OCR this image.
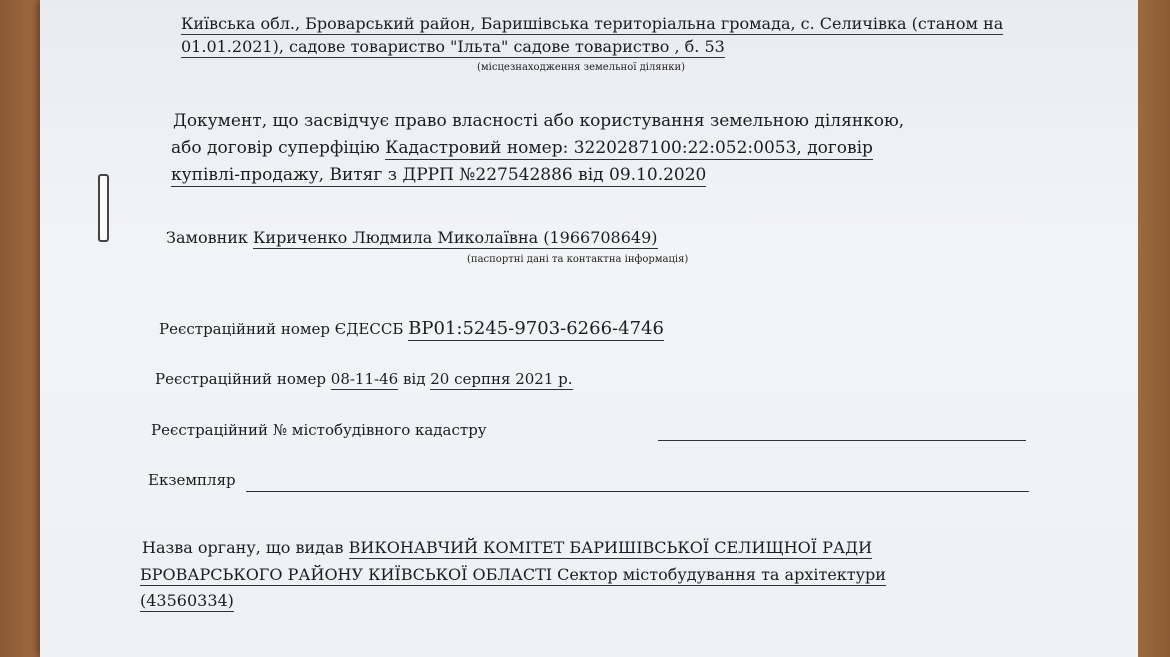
Київська обл., Броварський район, Баришівська територіальна громада, с. Селичівка (станом на
01.01.2021), садове товариство "Ільта" садове товариство , б. 53
(місцезнаходження земельної ділянки)
Документ, що засвідчує право власності або користування земельною ділянкою,
або договір суперфіцію Кадастровий номер: 3220287100:22:052:0053, договір
купівлі-продажу, Витяг з ДРРП №227542886 від 09.10.2020
Замовник Кириченко Людмила Миколаївна (1966708649)
(паспортні дані та контактна інформація)
Реєстраційний номер ЄДЕССБ BP01:5245-9703-6266-4746
Реєстраційний номер 08-11-46 від 20 серпня 2021 р.
Реєстраційний № містобудівного кадастру
Екземпляр
Назва органу, що видав ВИКОНАВЧИЙ КОМІТЕТ БАРИШІВСЬКОЇ СЕЛИЩНОЇ РАДИ
БРОВАРСЬКОГО РАЙОНУ КИЇВСЬКОЇ ОБЛАСТІ Сектор містобудування та архітектури
(43560334)
